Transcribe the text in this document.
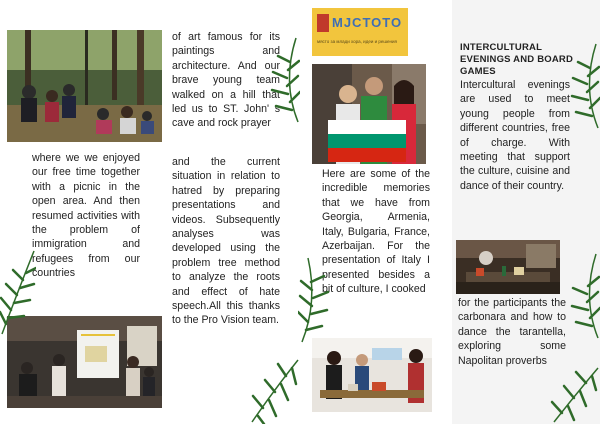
where we we enjoyed our free time together with a picnic in the open area. And then resumed activities with the problem of immigration and refugees from our countries
of art famous for its paintings and architecture. And our brave young team walked on a hill that led us to ST. John' s cave and rock prayer
and the current situation in relation to hatred by preparing presentations and videos. Subsequently analyses was developed using the problem tree method to analyze the roots and effect of hate speech.All this thanks to the Pro Vision team.
MJCTOTO
място за млади хора, идеи и решения
Here are some of the incredible memories that we have from Georgia, Armenia, Italy, Bulgaria, France, Azerbaijan. For the presentation of Italy I presented besides a bit of culture, I cooked
INTERCULTURAL EVENINGS AND BOARD GAMES
Intercultural evenings are used to meet young people from different countries, free of charge. With meeting that support the culture, cuisine and dance of their country.
for the participants the carbonara and how to dance the tarantella, exploring some Napolitan proverbs
